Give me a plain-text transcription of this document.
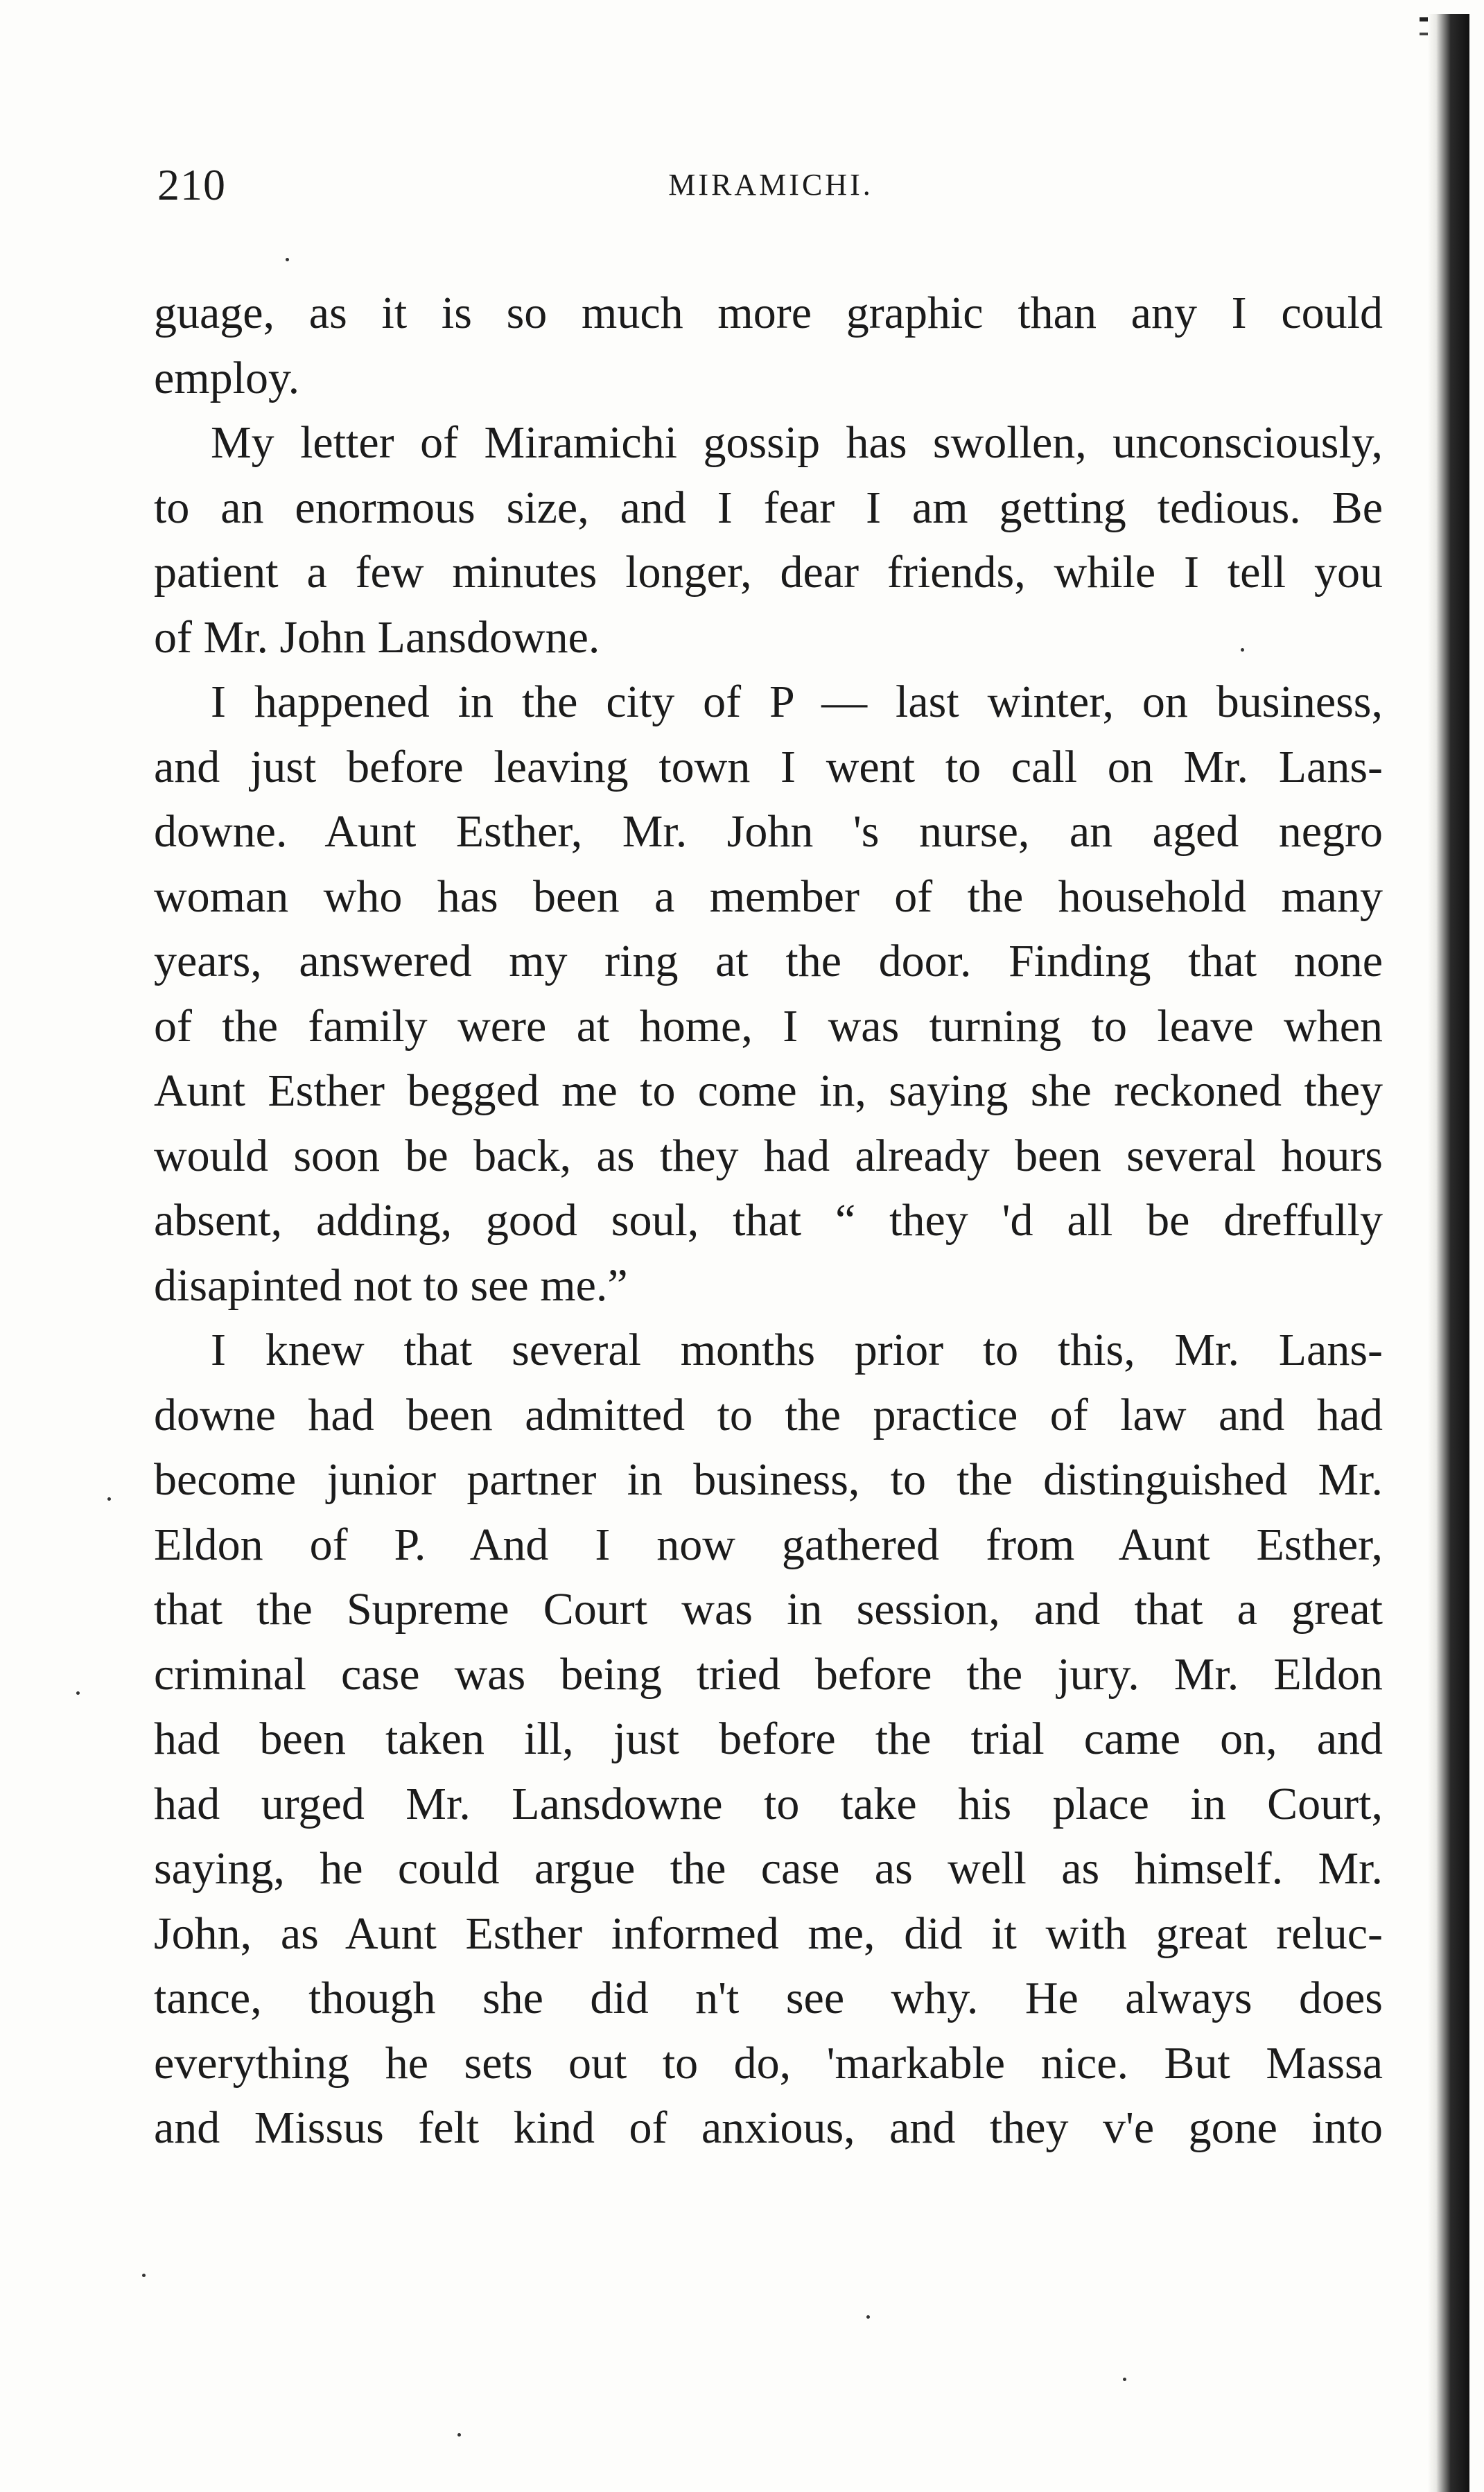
210	MIRAMICHI.
guage, as it is so much more graphic than any I could
employ.
My letter of Miramichi gossip has swollen, unconsciously,
to an enormous size, and I fear I am getting tedious. Be
patient a few minutes longer, dear friends, while I tell you
of Mr. John Lansdowne.
I happened in the city of P — last winter, on business,
and just before leaving town I went to call on Mr. Lans-
downe. Aunt Esther, Mr. John 's nurse, an aged negro
woman who has been a member of the household many
years, answered my ring at the door. Finding that none
of the family were at home, I was turning to leave when
Aunt Esther begged me to come in, saying she reckoned they
would soon be back, as they had already been several hours
absent, adding, good soul, that “ they 'd all be dreffully
disapinted not to see me.”
I knew that several months prior to this, Mr. Lans-
downe had been admitted to the practice of law and had
become junior partner in business, to the distinguished Mr.
Eldon of P. And I now gathered from Aunt Esther,
that the Supreme Court was in session, and that a great
criminal case was being tried before the jury. Mr. Eldon
had been taken ill, just before the trial came on, and
had urged Mr. Lansdowne to take his place in Court,
saying, he could argue the case as well as himself. Mr.
John, as Aunt Esther informed me, did it with great reluc-
tance, though she did n't see why. He always does
everything he sets out to do, 'markable nice. But Massa
and Missus felt kind of anxious, and they v'e gone into
